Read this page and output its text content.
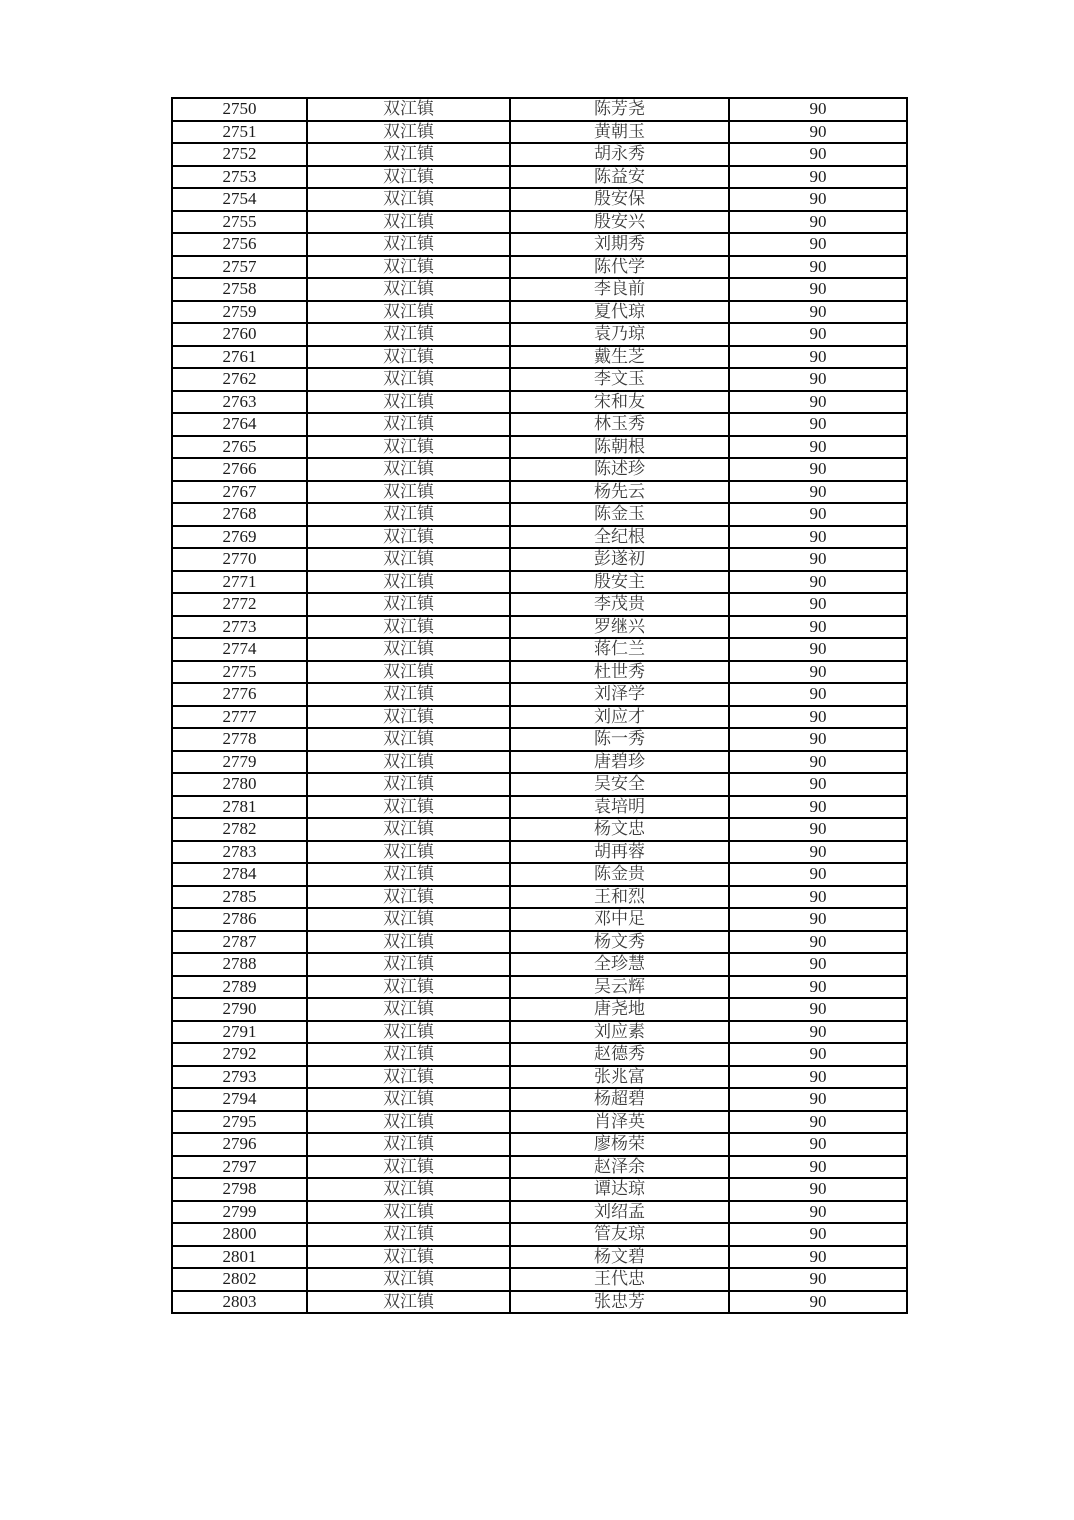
2750	双江镇	陈芳尧	90
2751	双江镇	黄朝玉	90
2752	双江镇	胡永秀	90
2753	双江镇	陈益安	90
2754	双江镇	殷安保	90
2755	双江镇	殷安兴	90
2756	双江镇	刘期秀	90
2757	双江镇	陈代学	90
2758	双江镇	李良前	90
2759	双江镇	夏代琼	90
2760	双江镇	袁乃琼	90
2761	双江镇	戴生芝	90
2762	双江镇	李文玉	90
2763	双江镇	宋和友	90
2764	双江镇	林玉秀	90
2765	双江镇	陈朝根	90
2766	双江镇	陈述珍	90
2767	双江镇	杨先云	90
2768	双江镇	陈金玉	90
2769	双江镇	全纪根	90
2770	双江镇	彭遂初	90
2771	双江镇	殷安主	90
2772	双江镇	李茂贵	90
2773	双江镇	罗继兴	90
2774	双江镇	蒋仁兰	90
2775	双江镇	杜世秀	90
2776	双江镇	刘泽学	90
2777	双江镇	刘应才	90
2778	双江镇	陈一秀	90
2779	双江镇	唐碧珍	90
2780	双江镇	吴安全	90
2781	双江镇	袁培明	90
2782	双江镇	杨文忠	90
2783	双江镇	胡再蓉	90
2784	双江镇	陈金贵	90
2785	双江镇	王和烈	90
2786	双江镇	邓中足	90
2787	双江镇	杨文秀	90
2788	双江镇	全珍慧	90
2789	双江镇	吴云辉	90
2790	双江镇	唐尧地	90
2791	双江镇	刘应素	90
2792	双江镇	赵德秀	90
2793	双江镇	张兆富	90
2794	双江镇	杨超碧	90
2795	双江镇	肖泽英	90
2796	双江镇	廖杨荣	90
2797	双江镇	赵泽余	90
2798	双江镇	谭达琼	90
2799	双江镇	刘绍孟	90
2800	双江镇	管友琼	90
2801	双江镇	杨文碧	90
2802	双江镇	王代忠	90
2803	双江镇	张忠芳	90
